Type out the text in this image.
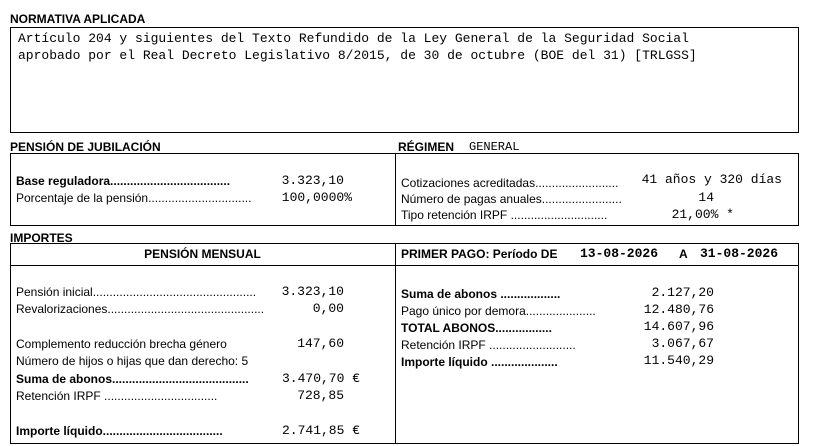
NORMATIVA APLICADA
Artículo 204 y siguientes del Texto Refundido de la Ley General de la Seguridad Social
aprobado por el Real Decreto Legislativo 8/2015, de 30 de octubre (BOE del 31) [TRLGSS]
PENSIÓN DE JUBILACIÓN	RÉGIMEN GENERAL
Base reguladora....................................	3.323,10
Porcentaje de la pensión...............................	100,0000%
Cotizaciones acreditadas.........................	41 años y 320 días
Número de pagas anuales........................	14
Tipo retención IRPF .............................	21,00% *
IMPORTES
PENSIÓN MENSUAL	PRIMER PAGO: Período DE 13-08-2026 A 31-08-2026
Pensión inicial.................................................	3.323,10
Revalorizaciones...............................................	0,00
Complemento reducción brecha género	147,60
Número de hijos o hijas que dan derecho: 5
Suma de abonos.........................................	3.470,70 €
Retención IRPF ..................................	728,85
Importe líquido....................................	2.741,85 €
Suma de abonos ..................	2.127,20
Pago único por demora.....................	12.480,76
TOTAL ABONOS.................	14.607,96
Retención IRPF ..........................	3.067,67
Importe líquido ....................	11.540,29
